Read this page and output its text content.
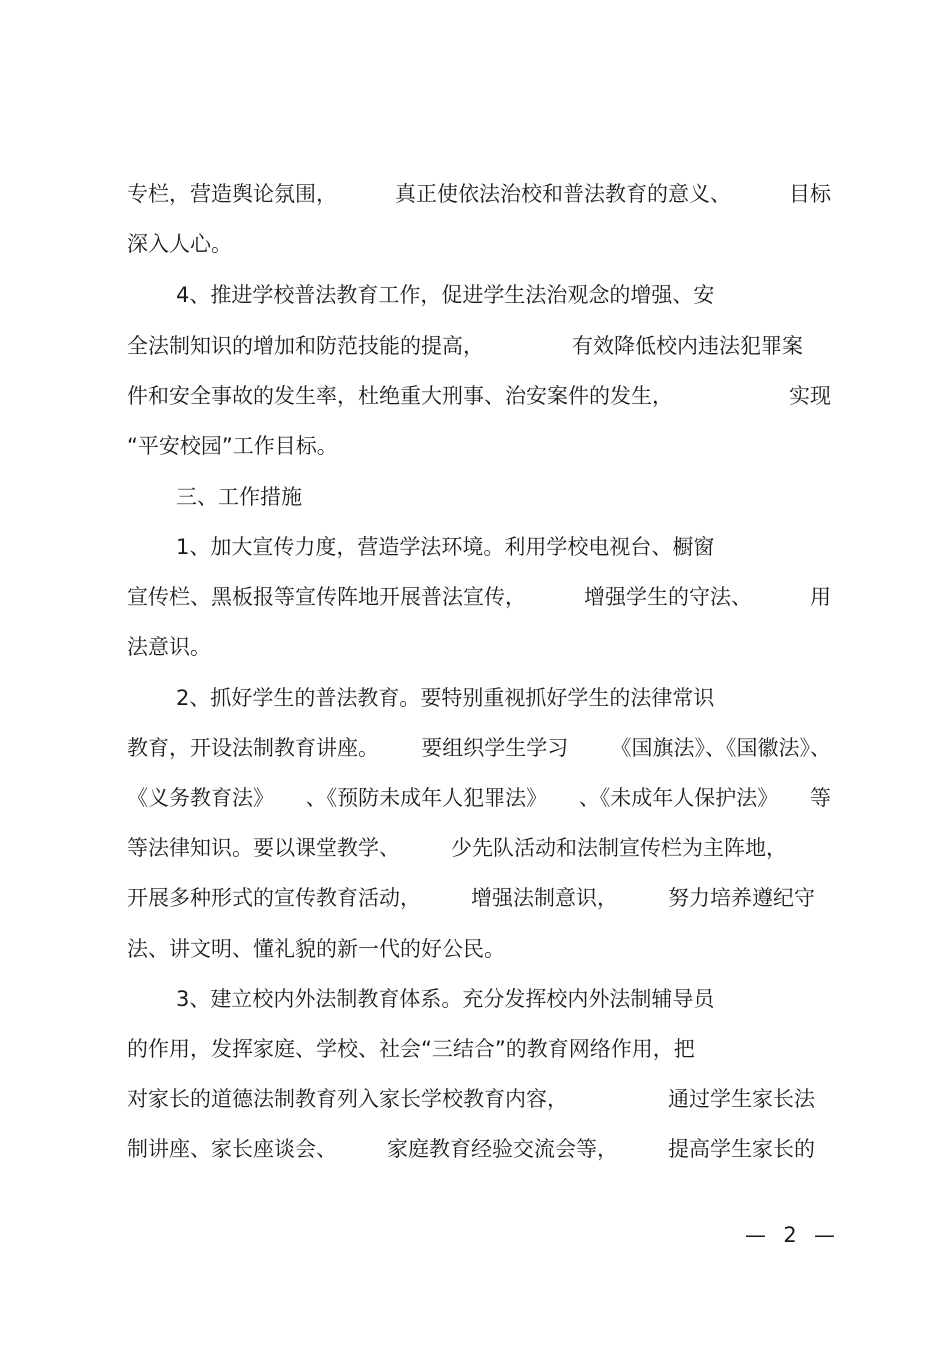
专栏，营造舆论氛围，	真正使依法治校和普法教育的意义、	目标
深入人心。
4、推进学校普法教育工作，促进学生法治观念的增强、安
全法制知识的增加和防范技能的提高，	有效降低校内违法犯罪案
件和安全事故的发生率，杜绝重大刑事、治安案件的发生，	实现
“平安校园”工作目标。
三、工作措施
1、加大宣传力度，营造学法环境。利用学校电视台、橱窗
宣传栏、黑板报等宣传阵地开展普法宣传，	增强学生的守法、	用
法意识。
2、抓好学生的普法教育。要特别重视抓好学生的法律常识
教育，开设法制教育讲座。 要组织学生学习 《国旗法》、《国徽法》、
《义务教育法》 、《预防未成年人犯罪法》 、《未成年人保护法》 等
等法律知识。要以课堂教学、 少先队活动和法制宣传栏为主阵地，
开展多种形式的宣传教育活动， 增强法制意识， 努力培养遵纪守
法、讲文明、懂礼貌的新一代的好公民。
3、建立校内外法制教育体系。充分发挥校内外法制辅导员
的作用，发挥家庭、学校、社会“三结合”的教育网络作用，把
对家长的道德法制教育列入家长学校教育内容，	通过学生家长法
制讲座、家长座谈会、 家庭教育经验交流会等， 提高学生家长的
— 2 —
